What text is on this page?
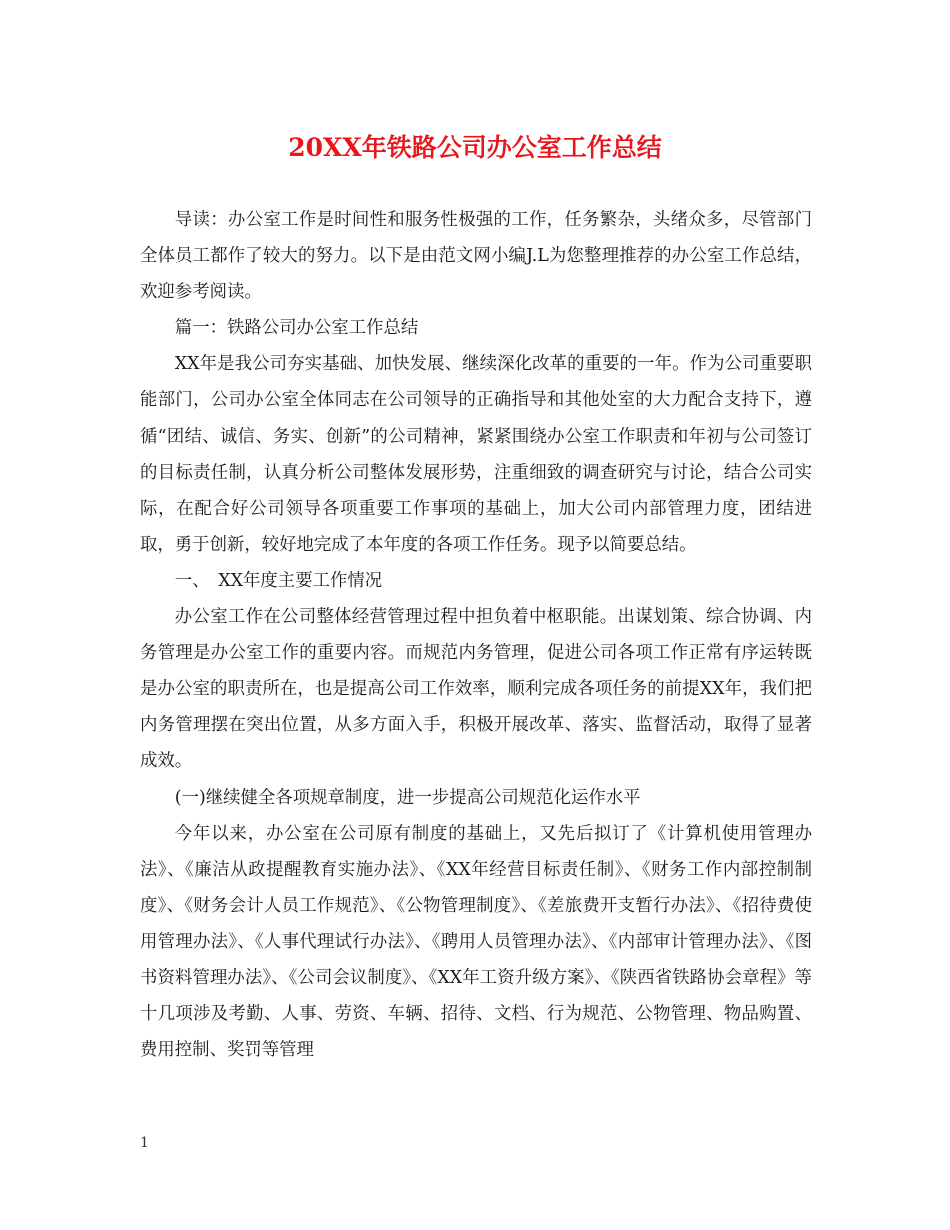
20XX年铁路公司办公室工作总结

导读：办公室工作是时间性和服务性极强的工作，任务繁杂，头绪众多，尽管部门全体员工都作了较大的努力。以下是由范文网小编J.L为您整理推荐的办公室工作总结，欢迎参考阅读。

篇一：铁路公司办公室工作总结

XX年是我公司夯实基础、加快发展、继续深化改革的重要的一年。作为公司重要职能部门，公司办公室全体同志在公司领导的正确指导和其他处室的大力配合支持下，遵循“团结、诚信、务实、创新”的公司精神，紧紧围绕办公室工作职责和年初与公司签订的目标责任制，认真分析公司整体发展形势，注重细致的调查研究与讨论，结合公司实际，在配合好公司领导各项重要工作事项的基础上，加大公司内部管理力度，团结进取，勇于创新，较好地完成了本年度的各项工作任务。现予以简要总结。

一、　XX年度主要工作情况

办公室工作在公司整体经营管理过程中担负着中枢职能。出谋划策、综合协调、内务管理是办公室工作的重要内容。而规范内务管理，促进公司各项工作正常有序运转既是办公室的职责所在，也是提高公司工作效率，顺利完成各项任务的前提XX年，我们把内务管理摆在突出位置，从多方面入手，积极开展改革、落实、监督活动，取得了显著成效。

(一)继续健全各项规章制度，进一步提高公司规范化运作水平

今年以来，办公室在公司原有制度的基础上，又先后拟订了《计算机使用管理办法》、《廉洁从政提醒教育实施办法》、《XX年经营目标责任制》、《财务工作内部控制制度》、《财务会计人员工作规范》、《公物管理制度》、《差旅费开支暂行办法》、《招待费使用管理办法》、《人事代理试行办法》、《聘用人员管理办法》、《内部审计管理办法》、《图书资料管理办法》、《公司会议制度》、《XX年工资升级方案》、《陕西省铁路协会章程》等十几项涉及考勤、人事、劳资、车辆、招待、文档、行为规范、公物管理、物品购置、费用控制、奖罚等管理

1
